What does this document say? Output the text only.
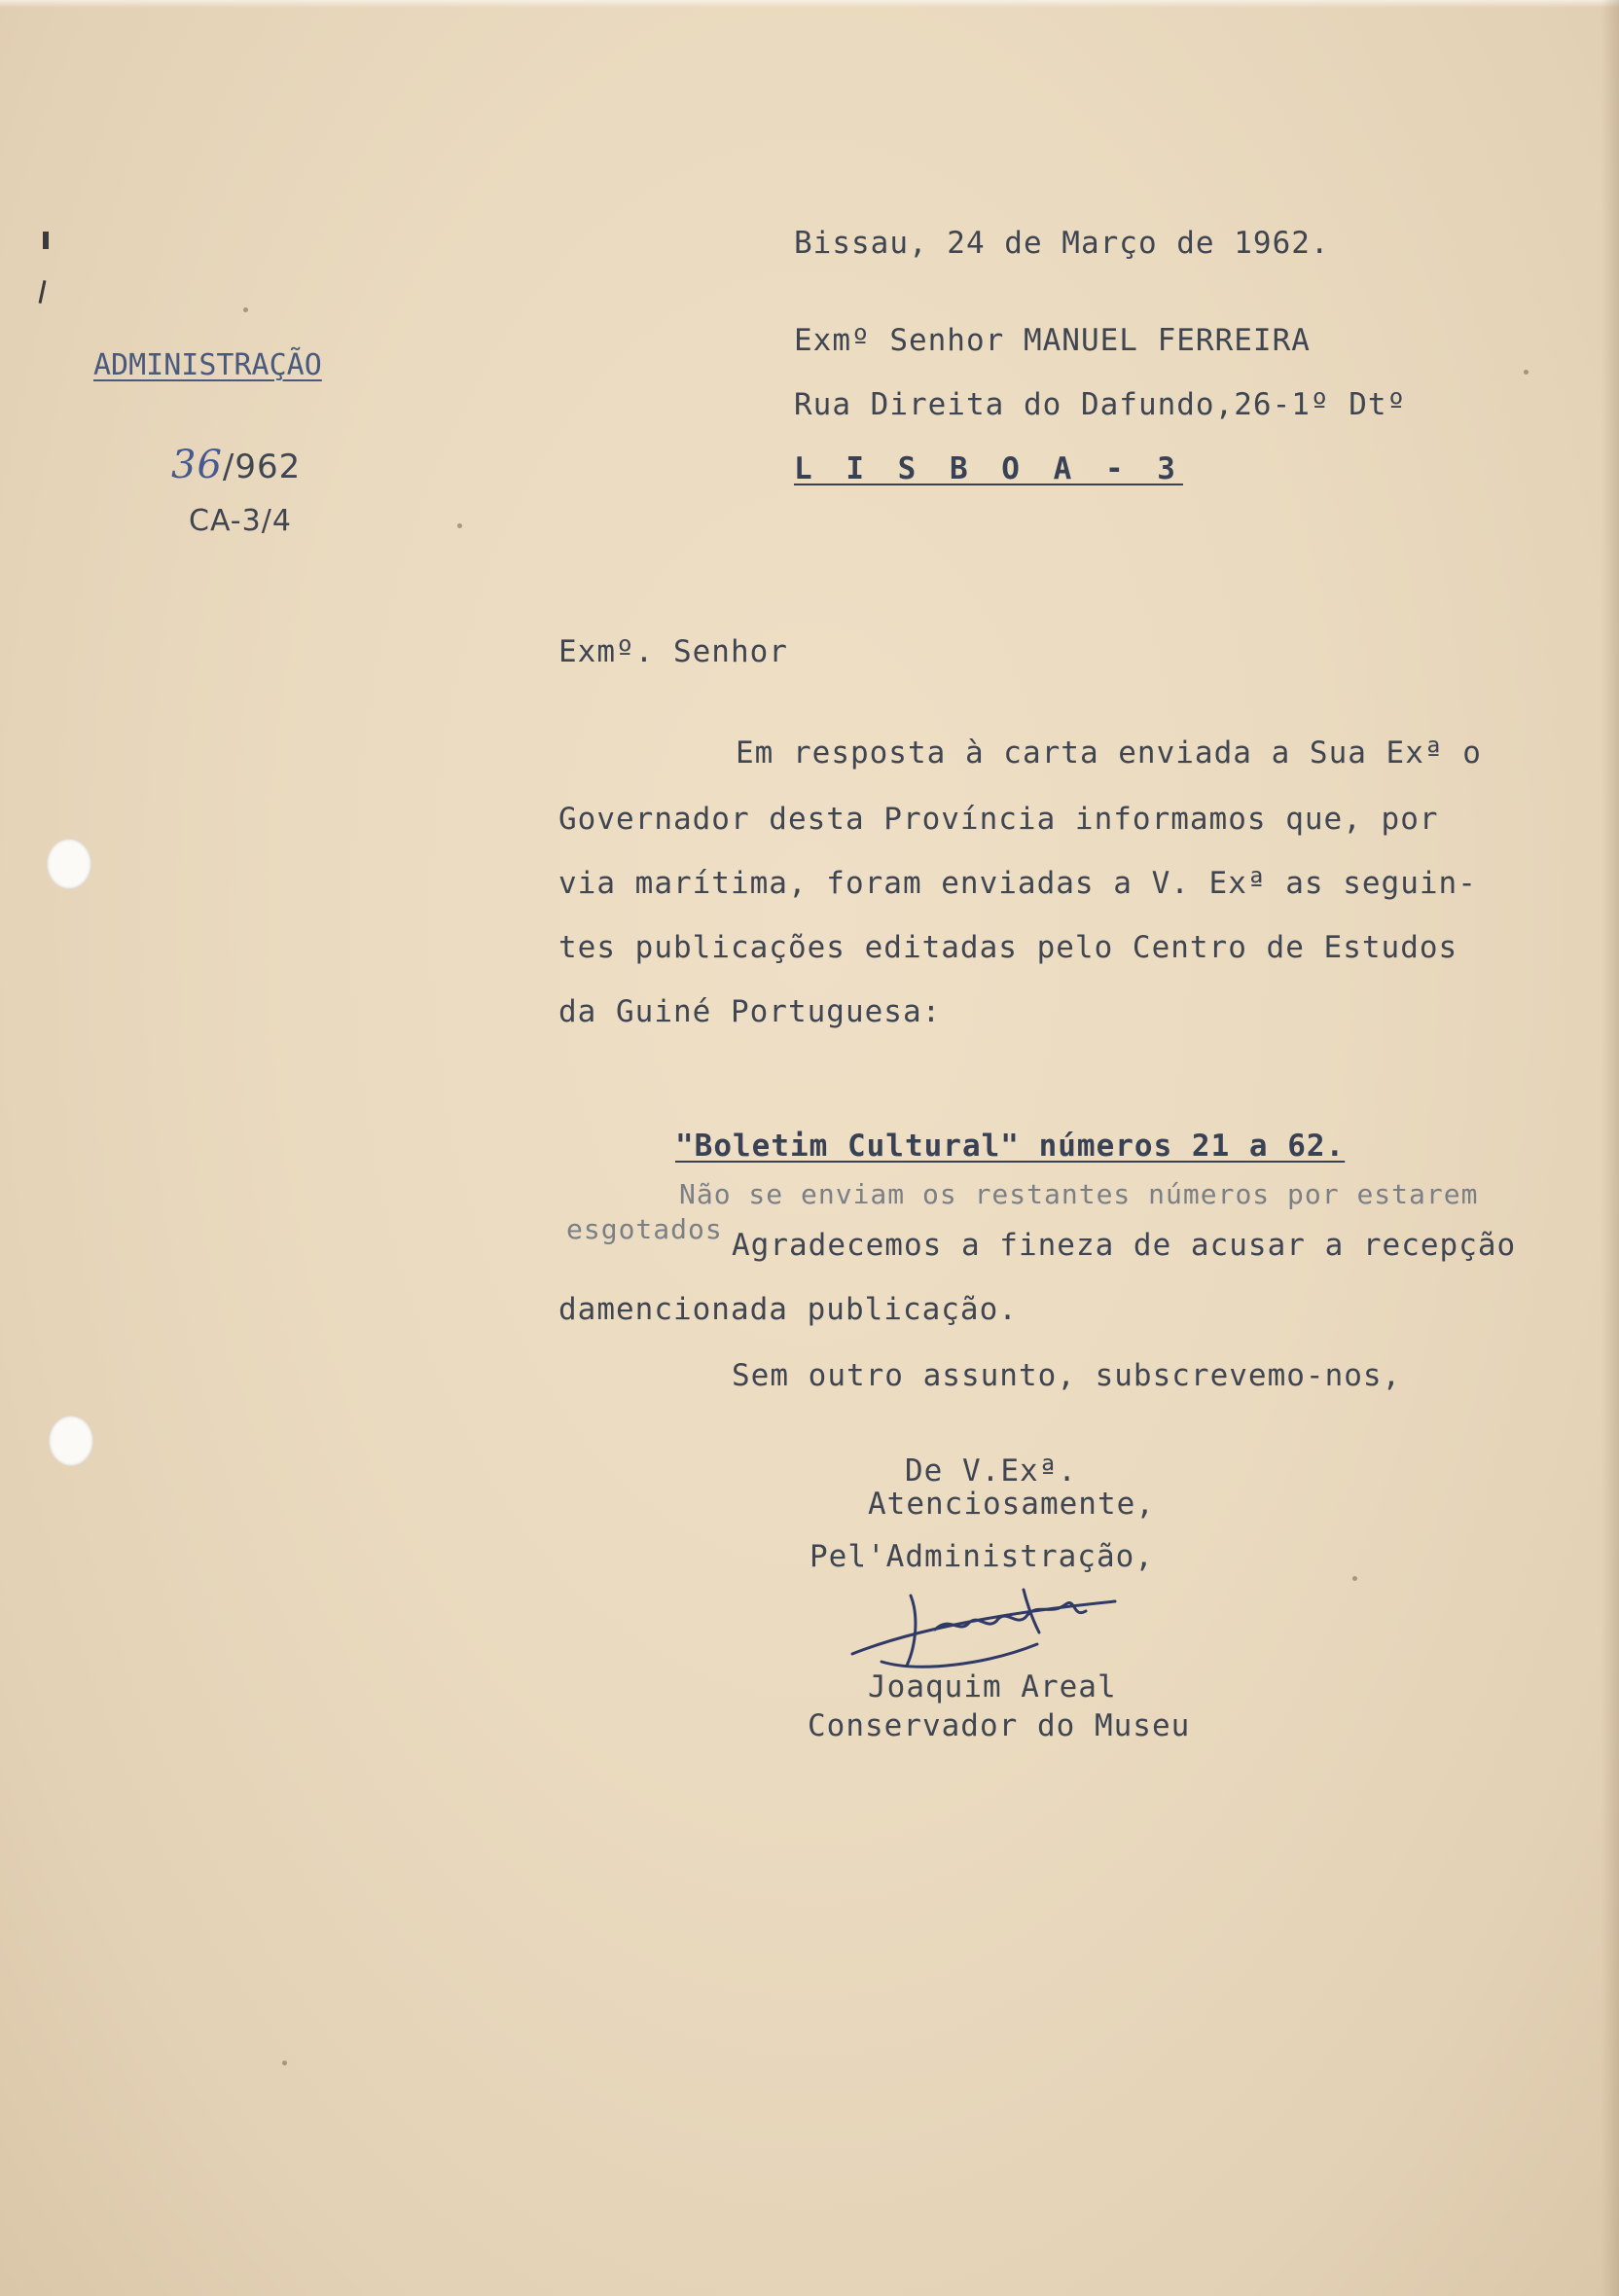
ADMINISTRAÇÃO
36/962
CA-3/4
Bissau, 24 de Março de 1962.
Exmº Senhor MANUEL FERREIRA
Rua Direita do Dafundo,26-1º Dtº
L I S B O A - 3
Exmº. Senhor
Em resposta à carta enviada a Sua Exª o
Governador desta Província informamos que, por
via marítima, foram enviadas a V. Exª as seguin-
tes publicações editadas pelo Centro de Estudos
da Guiné Portuguesa:
"Boletim Cultural" números 21 a 62.
Não se enviam os restantes números por estarem
esgotados Agradecemos a fineza de acusar a recepção
damencionada publicação.
Sem outro assunto, subscrevemo-nos,
De V.Exª.
Atenciosamente,
Pel'Administração,
Joaquim Areal
Conservador do Museu
